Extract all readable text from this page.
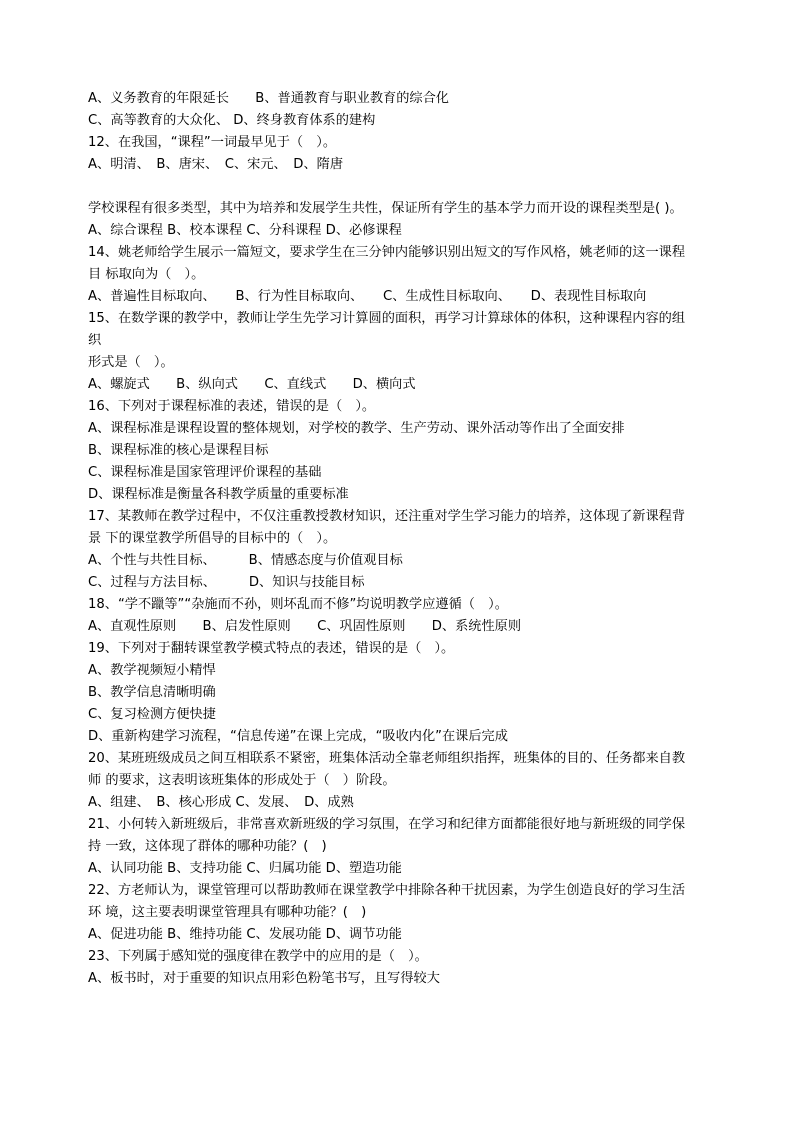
A、义务教育的年限延长　　B、普通教育与职业教育的综合化
C、高等教育的大众化、 D、终身教育体系的建构
12、在我国，“课程”一词最早见于（　）。
A、明清、　B、唐宋、　C、宋元、　D、隋唐
学校课程有很多类型，其中为培养和发展学生共性，保证所有学生的基本学力而开设的课程类型是( )。
A、综合课程 B、校本课程 C、分科课程 D、必修课程
14、姚老师给学生展示一篇短文，要求学生在三分钟内能够识别出短文的写作风格，姚老师的这一课程目 标取向为（　）。
A、普遍性目标取向、　　B、行为性目标取向、　　C、生成性目标取向、　　D、表现性目标取向
15、在数学课的教学中，教师让学生先学习计算圆的面积，再学习计算球体的体积，这种课程内容的组织
形式是（　）。
A、螺旋式　　B、纵向式　　C、直线式　　D、横向式
16、下列对于课程标准的表述，错误的是（　）。
A、课程标准是课程设置的整体规划，对学校的教学、生产劳动、课外活动等作出了全面安排
B、课程标准的核心是课程目标
C、课程标准是国家管理评价课程的基础
D、课程标准是衡量各科教学质量的重要标准
17、某教师在教学过程中，不仅注重教授教材知识，还注重对学生学习能力的培养，这体现了新课程背景 下的课堂教学所倡导的目标中的（　）。
A、个性与共性目标、　　　B、情感态度与价值观目标
C、过程与方法目标、　　　D、知识与技能目标
18、“学不躐等”“杂施而不孙，则坏乱而不修”均说明教学应遵循（　）。
A、直观性原则　　B、启发性原则　　C、巩固性原则　　D、系统性原则
19、下列对于翻转课堂教学模式特点的表述，错误的是（　）。
A、教学视频短小精悍
B、教学信息清晰明确
C、复习检测方便快捷
D、重新构建学习流程，“信息传递”在课上完成，“吸收内化”在课后完成
20、某班班级成员之间互相联系不紧密，班集体活动全靠老师组织指挥，班集体的目的、任务都来自教师 的要求，这表明该班集体的形成处于（　）阶段。
A、组建、　B、核心形成 C、发展、　D、成熟
21、小何转入新班级后，非常喜欢新班级的学习氛围，在学习和纪律方面都能很好地与新班级的同学保持 一致，这体现了群体的哪种功能？(　)
A、认同功能 B、支持功能 C、归属功能 D、塑造功能
22、方老师认为，课堂管理可以帮助教师在课堂教学中排除各种干扰因素，为学生创造良好的学习生活环 境，这主要表明课堂管理具有哪种功能？(　)
A、促进功能 B、维持功能 C、发展功能 D、调节功能
23、下列属于感知觉的强度律在教学中的应用的是（　）。
A、板书时，对于重要的知识点用彩色粉笔书写，且写得较大
